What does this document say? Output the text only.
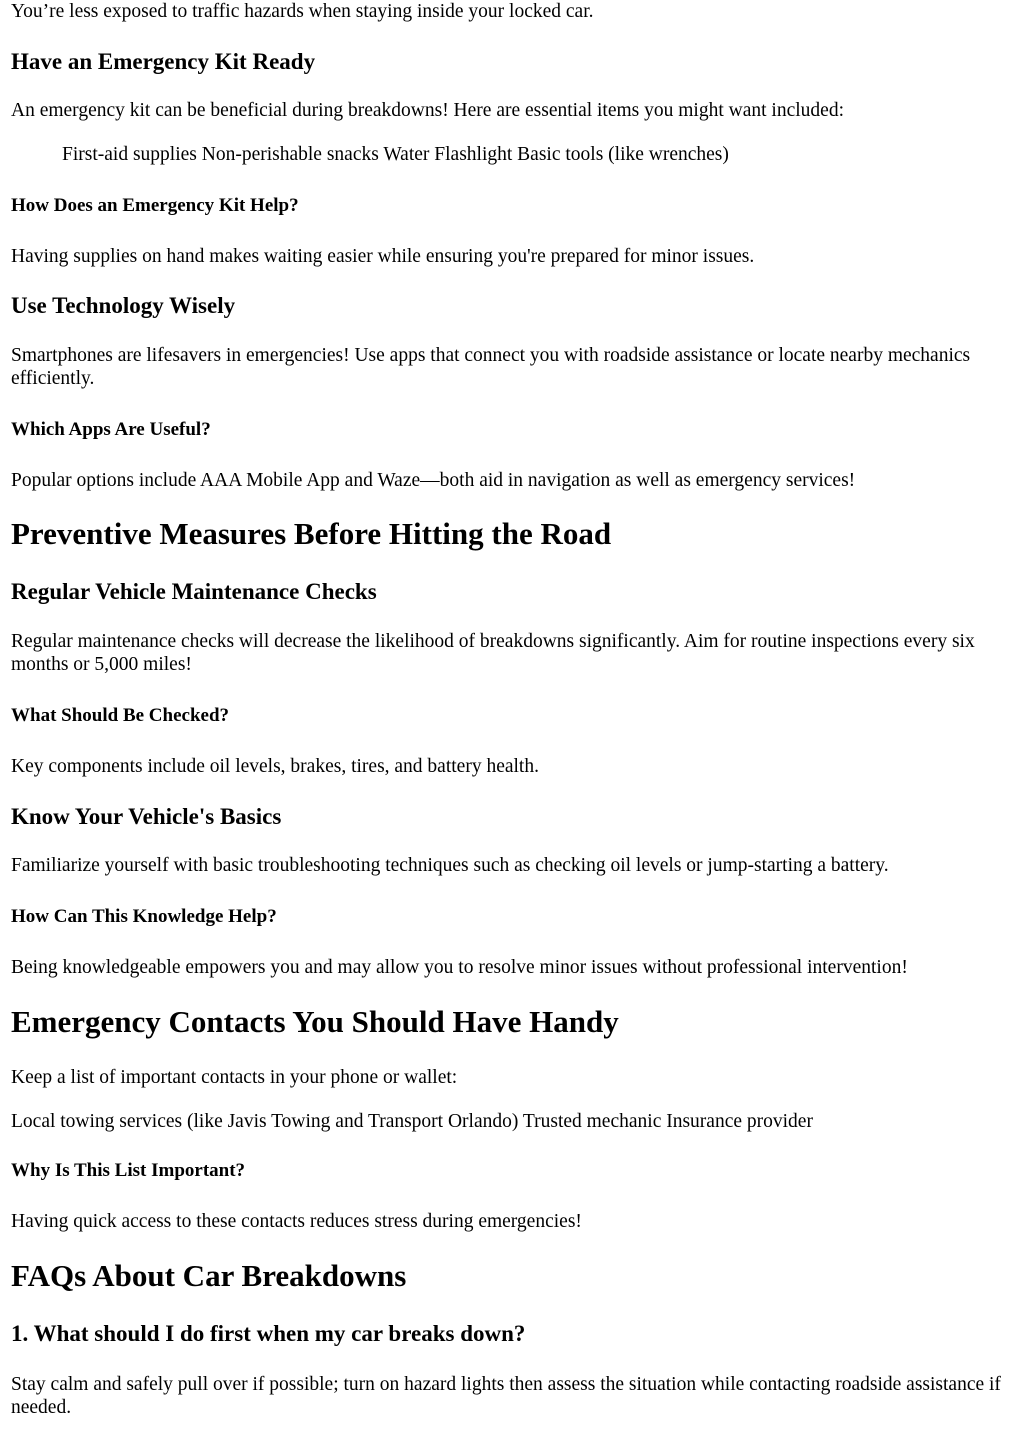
You’re less exposed to traffic hazards when staying inside your locked car.

Have an Emergency Kit Ready

An emergency kit can be beneficial during breakdowns! Here are essential items you might want included:

First-aid supplies Non-perishable snacks Water Flashlight Basic tools (like wrenches)

How Does an Emergency Kit Help?

Having supplies on hand makes waiting easier while ensuring you're prepared for minor issues.

Use Technology Wisely

Smartphones are lifesavers in emergencies! Use apps that connect you with roadside assistance or locate nearby mechanics efficiently.

Which Apps Are Useful?

Popular options include AAA Mobile App and Waze—both aid in navigation as well as emergency services!

Preventive Measures Before Hitting the Road
Regular Vehicle Maintenance Checks

Regular maintenance checks will decrease the likelihood of breakdowns significantly. Aim for routine inspections every six months or 5,000 miles!

What Should Be Checked?

Key components include oil levels, brakes, tires, and battery health.

Know Your Vehicle's Basics

Familiarize yourself with basic troubleshooting techniques such as checking oil levels or jump-starting a battery.

How Can This Knowledge Help?

Being knowledgeable empowers you and may allow you to resolve minor issues without professional intervention!

Emergency Contacts You Should Have Handy

Keep a list of important contacts in your phone or wallet:

Local towing services (like Javis Towing and Transport Orlando) Trusted mechanic Insurance provider

Why Is This List Important?

Having quick access to these contacts reduces stress during emergencies!

FAQs About Car Breakdowns
1. What should I do first when my car breaks down?

Stay calm and safely pull over if possible; turn on hazard lights then assess the situation while contacting roadside assistance if needed.
